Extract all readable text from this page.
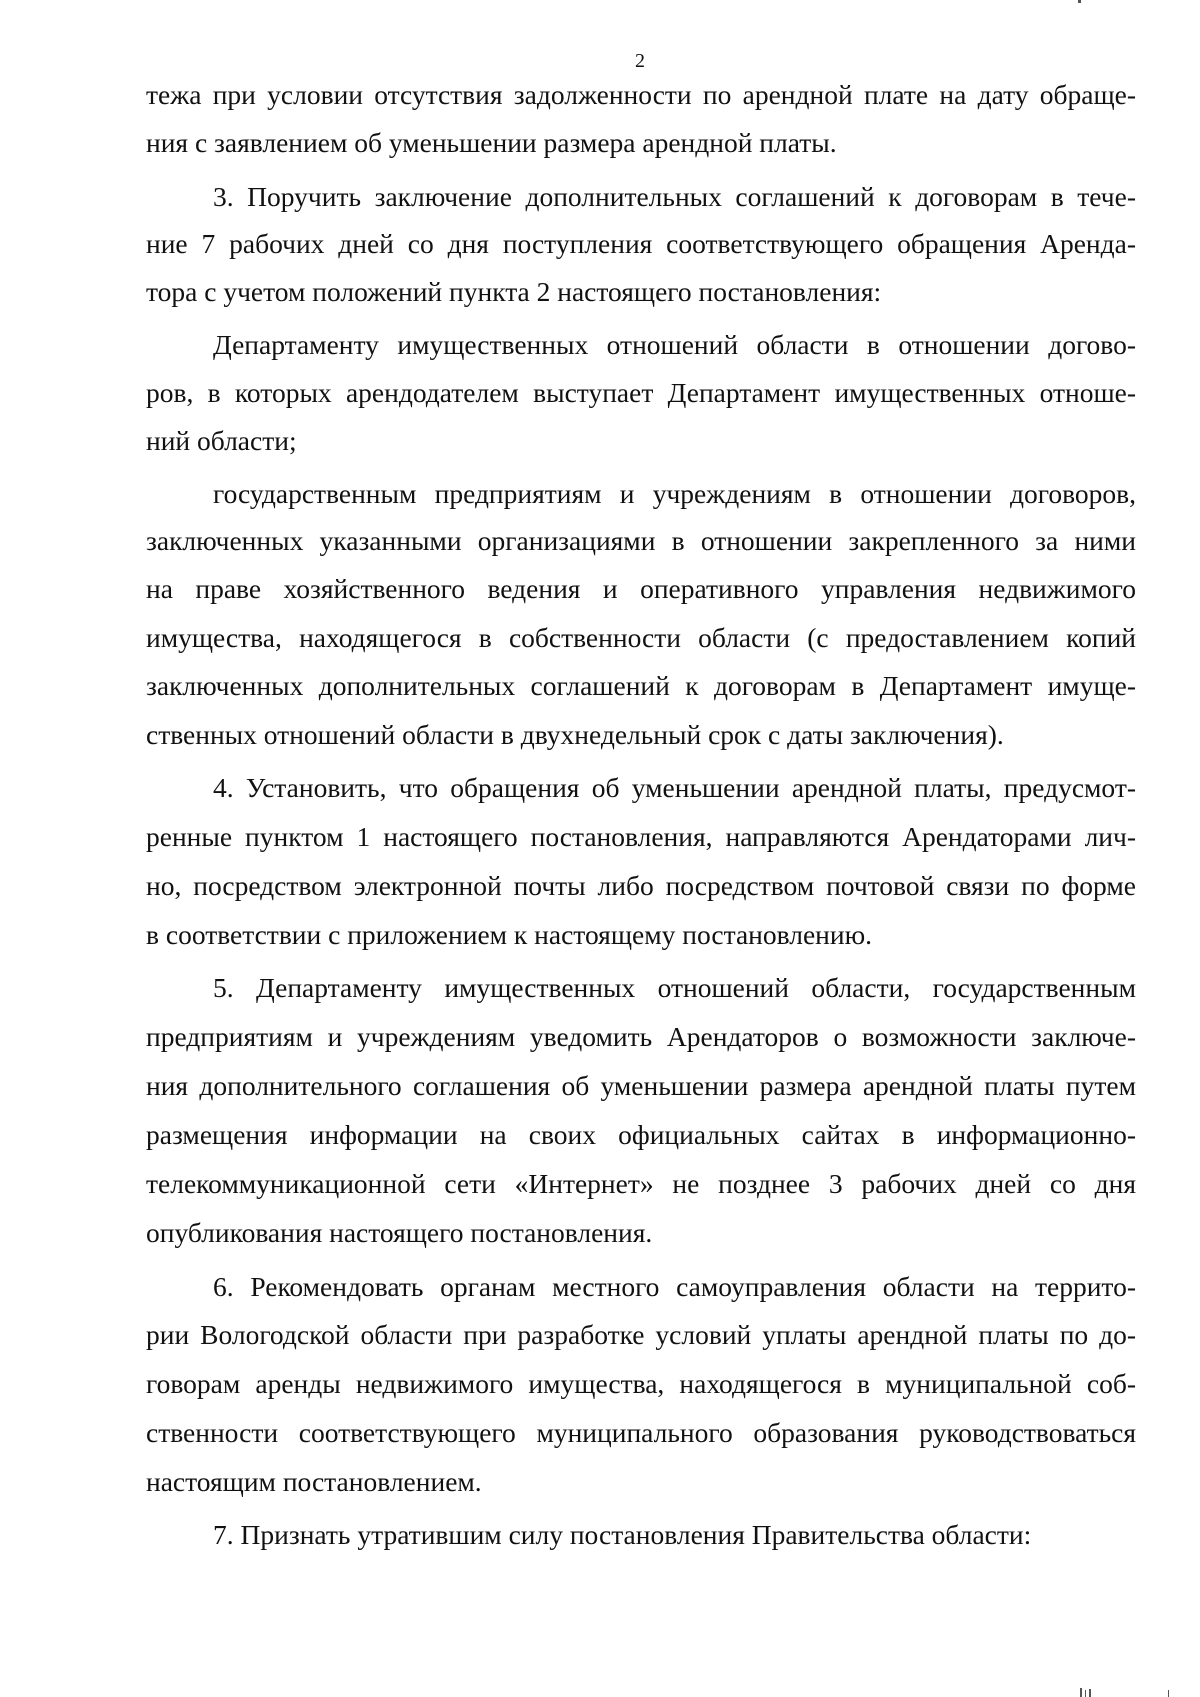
2
тежа при условии отсутствия задолженности по арендной плате на дату обраще-
ния с заявлением об уменьшении размера арендной платы.
3. Поручить заключение дополнительных соглашений к договорам в тече-
ние 7 рабочих дней со дня поступления соответствующего обращения Аренда-
тора с учетом положений пункта 2 настоящего постановления:
Департаменту имущественных отношений области в отношении догово-
ров, в которых арендодателем выступает Департамент имущественных отноше-
ний области;
государственным предприятиям и учреждениям в отношении договоров,
заключенных указанными организациями в отношении закрепленного за ними
на праве хозяйственного ведения и оперативного управления недвижимого
имущества, находящегося в собственности области (с предоставлением копий
заключенных дополнительных соглашений к договорам в Департамент имуще-
ственных отношений области в двухнедельный срок с даты заключения).
4. Установить, что обращения об уменьшении арендной платы, предусмот-
ренные пунктом 1 настоящего постановления, направляются Арендаторами лич-
но, посредством электронной почты либо посредством почтовой связи по форме
в соответствии с приложением к настоящему постановлению.
5. Департаменту имущественных отношений области, государственным
предприятиям и учреждениям уведомить Арендаторов о возможности заключе-
ния дополнительного соглашения об уменьшении размера арендной платы путем
размещения информации на своих официальных сайтах в информационно-
телекоммуникационной сети «Интернет» не позднее 3 рабочих дней со дня
опубликования настоящего постановления.
6. Рекомендовать органам местного самоуправления области на террито-
рии Вологодской области при разработке условий уплаты арендной платы по до-
говорам аренды недвижимого имущества, находящегося в муниципальной соб-
ственности соответствующего муниципального образования руководствоваться
настоящим постановлением.
7. Признать утратившим силу постановления Правительства области:
